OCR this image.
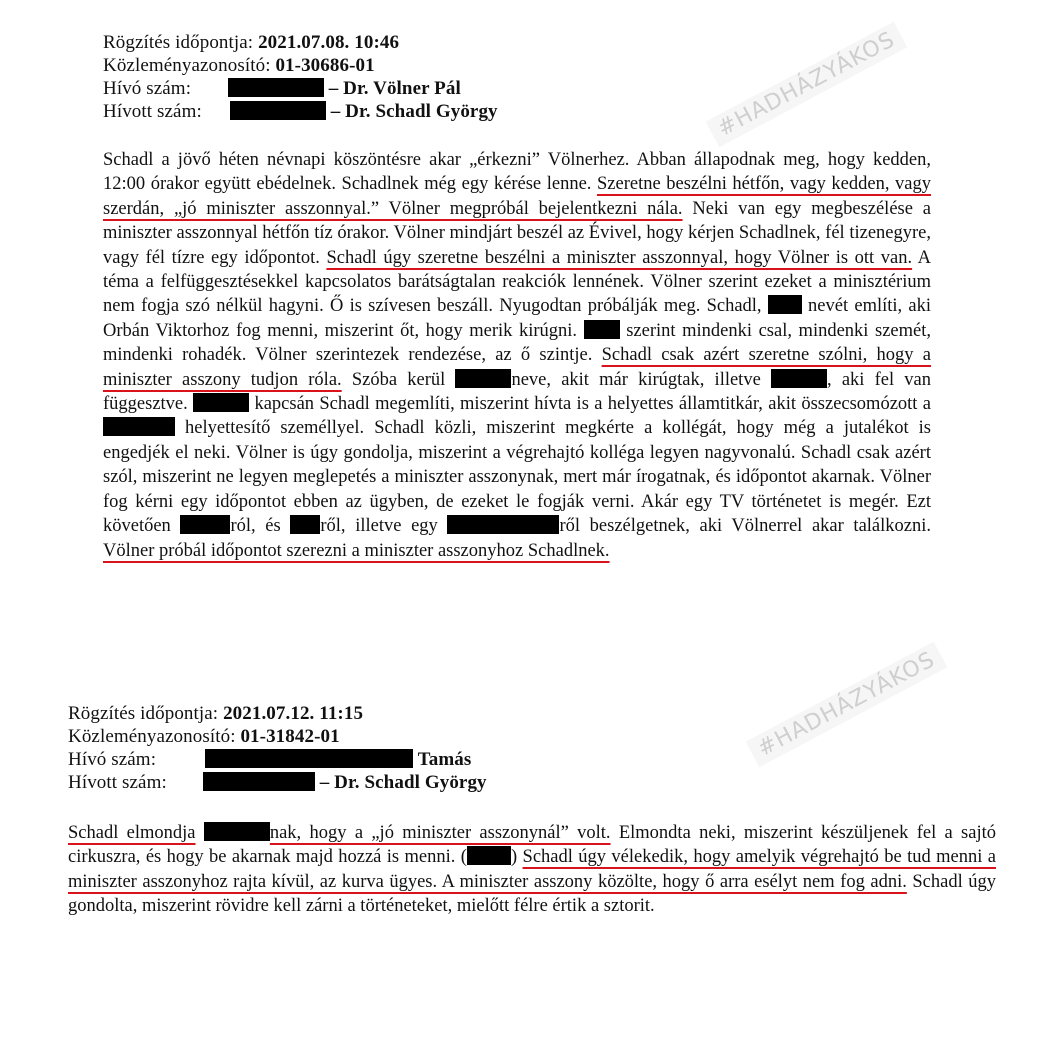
#HADHÁZYÁKOS
#HADHÁZYÁKOS
Rögzítés időpontja: 2021.07.08. 10:46
Közleményazonosító: 01-30686-01
Hívó szám:	– Dr. Völner Pál
Hívott szám:	– Dr. Schadl György
Schadl a jövő héten névnapi köszöntésre akar „érkezni” Völnerhez. Abban állapodnak meg, hogy kedden, 12:00 órakor együtt ebédelnek. Schadlnek még egy kérése lenne. Szeretne beszélni hétfőn, vagy kedden, vagy szerdán, „jó miniszter asszonnyal.” Völner megpróbál bejelentkezni nála. Neki van egy megbeszélése a miniszter asszonnyal hétfőn tíz órakor. Völner mindjárt beszél az Évivel, hogy kérjen Schadlnek, fél tizenegyre, vagy fél tízre egy időpontot. Schadl úgy szeretne beszélni a miniszter asszonnyal, hogy Völner is ott van. A téma a felfüggesztésekkel kapcsolatos barátságtalan reakciók lennének. Völner szerint ezeket a minisztérium nem fogja szó nélkül hagyni. Ő is szívesen beszáll. Nyugodtan próbálják meg. Schadl,  nevét említi, aki Orbán Viktorhoz fog menni, miszerint őt, hogy merik kirúgni.  szerint mindenki csal, mindenki szemét, mindenki rohadék. Völner szerintezek rendezése, az ő szintje. Schadl csak azért szeretne szólni, hogy a miniszter asszony tudjon róla. Szóba kerül	neve, akit már kirúgtak, illetve	, aki fel van függesztve.	kapcsán Schadl megemlíti, miszerint hívta is a helyettes államtitkár, akit összecsomózott a  helyettesítő személlyel. Schadl közli, miszerint megkérte a kollégát, hogy még a jutalékot is engedjék el neki. Völner is úgy gondolja, miszerint a végrehajtó kolléga legyen nagyvonalú. Schadl csak azért szól, miszerint ne legyen meglepetés a miniszter asszonynak, mert már írogatnak, és időpontot akarnak. Völner fog kérni egy időpontot ebben az ügyben, de ezeket le fogják verni. Akár egy TV történetet is megér. Ezt követően	ról, és ről, illetve egy	ről beszélgetnek, aki Völnerrel akar találkozni. Völner próbál időpontot szerezni a miniszter asszonyhoz Schadlnek.
Rögzítés időpontja: 2021.07.12. 11:15
Közleményazonosító: 01-31842-01
Hívó szám:	Tamás
Hívott szám:	– Dr. Schadl György
Schadl elmondja	nak, hogy a „jó miniszter asszonynál” volt. Elmondta neki, miszerint készüljenek fel a sajtó cirkuszra, és hogy be akarnak majd hozzá is menni. ( ) Schadl úgy vélekedik, hogy amelyik végrehajtó be tud menni a miniszter asszonyhoz rajta kívül, az kurva ügyes. A miniszter asszony közölte, hogy ő arra esélyt nem fog adni. Schadl úgy gondolta, miszerint rövidre kell zárni a történeteket, mielőtt félre értik a sztorit.
